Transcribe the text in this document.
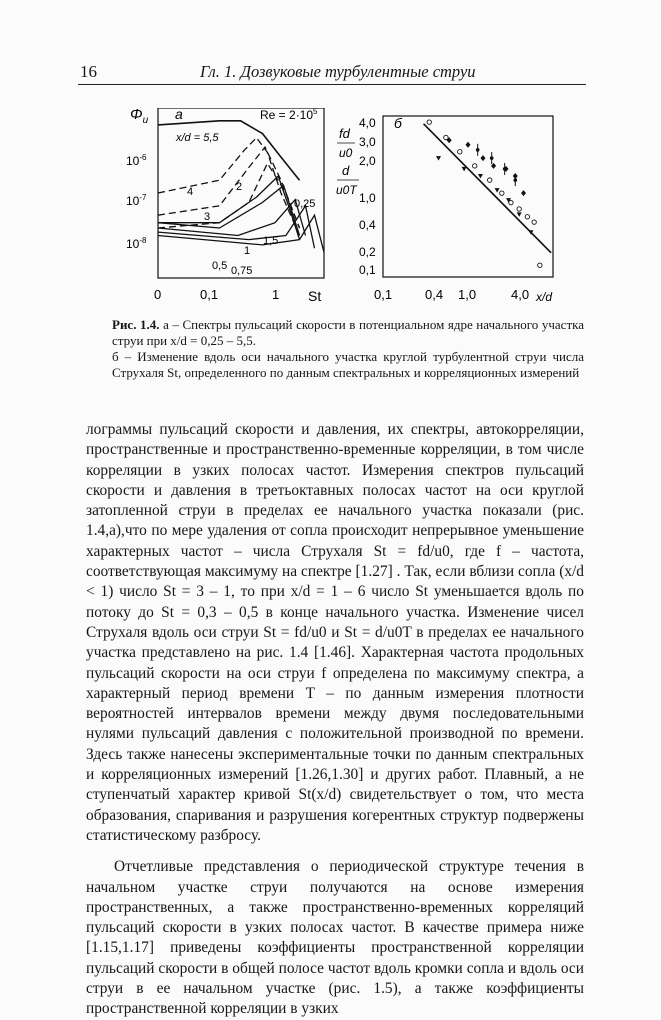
16	Гл. 1. Дозвуковые турбулентные струи
$\Phi_u$ а	$Re = 2\cdot 10^5$
x/d = 5,5
$10^{-6}$
$10^{-7}$
$10^{-8}$
0	0,1	1 St
4	2
3
1
0,25
1,5
0,5 0,75
fd
u0
d
u0T
б
4,0
3,0
2,0
1,0
0,4
0,2
0,1
0,1	0,4 1,0	4,0 x/d

Рис. 1.4. а – Спектры пульсаций скорости в потенциальном ядре начального участка струи при x/d = 0,25 – 5,5.

б – Изменение вдоль оси начального участка круглой турбулентной струи числа Струхаля St, определенного по данным спектральных и корреляционных измерений

лограммы пульсаций скорости и давления, их спектры, автокорреляции, пространственные и пространственно-временные корреляции, в том числе корреляции в узких полосах частот. Измерения спектров пульсаций скорости и давления в третьоктавных полосах частот на оси круглой затопленной струи в пределах ее начального участка показали (рис. 1.4,а),что по мере удаления от сопла происходит непрерывное уменьшение характерных частот – числа Струхаля St = fd/u0, где f – частота, соответствующая максимуму на спектре [1.27] . Так, если вблизи сопла (x/d < 1) число St = 3 – 1, то при x/d = 1 – 6 число St уменьшается вдоль по потоку до St = 0,3 – 0,5 в конце начального участка. Изменение чисел Струхаля вдоль оси струи St = fd/u0 и St = d/u0T в пределах ее начального участка представлено на рис. 1.4 [1.46]. Характерная частота продольных пульсаций скорости на оси струи f определена по максимуму спектра, а характерный период времени T – по данным измерения плотности вероятностей интервалов времени между двумя последовательными нулями пульсаций давления с положительной производной по времени. Здесь также нанесены экспериментальные точки по данным спектральных и корреляционных измерений [1.26,1.30] и других работ. Плавный, а не ступенчатый характер кривой St(x/d) свидетельствует о том, что места образования, спаривания и разрушения когерентных структур подвержены статистическому разбросу.

Отчетливые представления о периодической структуре течения в начальном участке струи получаются на основе измерения пространственных, а также пространственно-временных корреляций пульсаций скорости в узких полосах частот. В качестве примера ниже [1.15,1.17] приведены коэффициенты пространственной корреляции пульсаций скорости в общей полосе частот вдоль кромки сопла и вдоль оси струи в ее начальном участке (рис. 1.5), а также коэффициенты пространственной корреляции в узких
